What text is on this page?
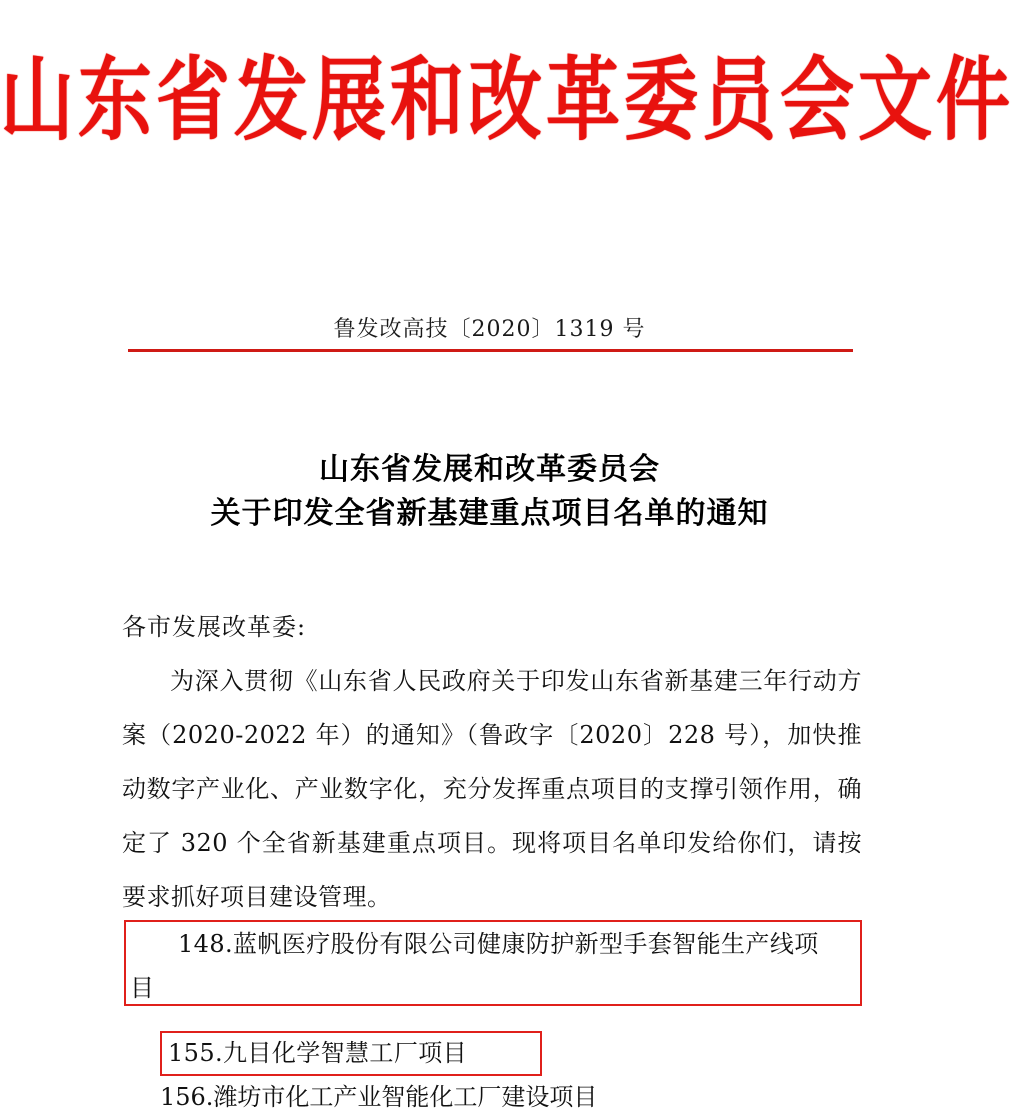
山东省发展和改革委员会文件
鲁发改高技〔2020〕1319 号
山东省发展和改革委员会
关于印发全省新基建重点项目名单的通知

各市发展改革委:

为深入贯彻《山东省人民政府关于印发山东省新基建三年行动方案（2020-2022 年）的通知》（鲁政字〔2020〕228 号），加快推动数字产业化、产业数字化，充分发挥重点项目的支撑引领作用，确定了 320 个全省新基建重点项目。现将项目名单印发给你们，请按要求抓好项目建设管理。

148.蓝帆医疗股份有限公司健康防护新型手套智能生产线项
目
155.九目化学智慧工厂项目
156.潍坊市化工产业智能化工厂建设项目
